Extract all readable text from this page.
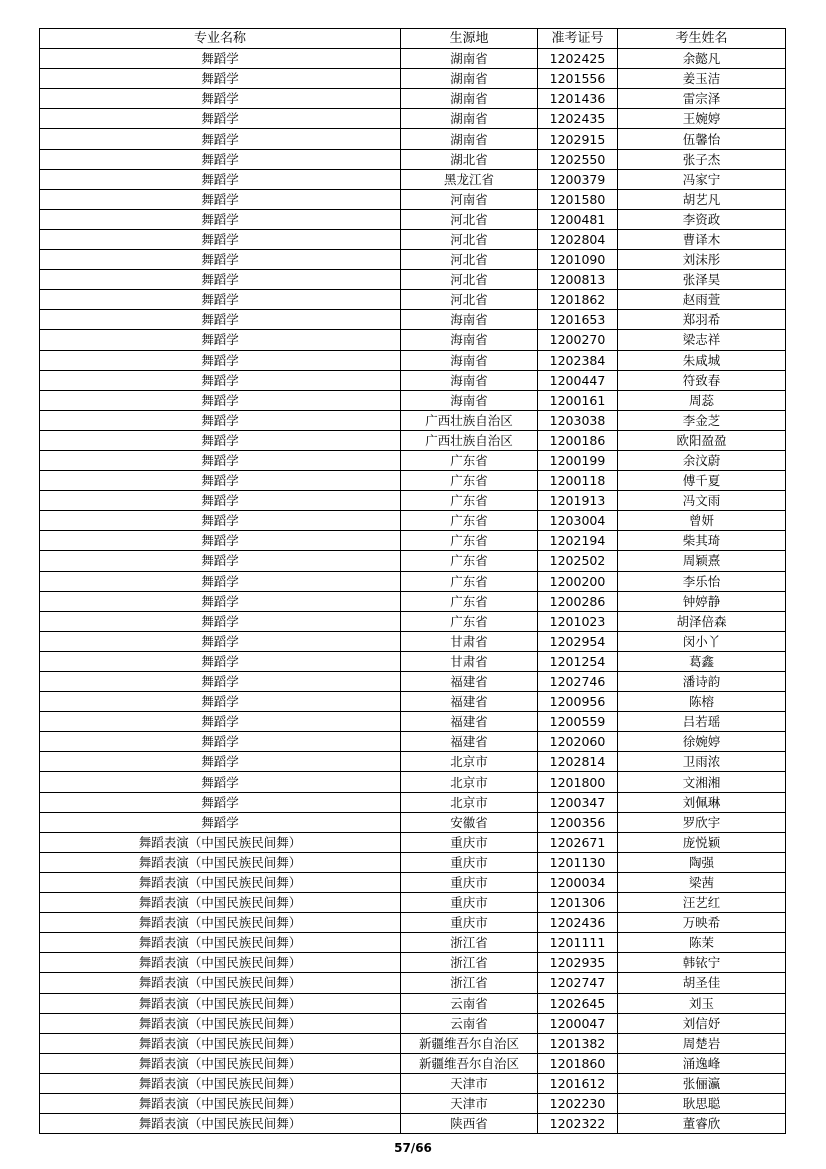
专业名称	生源地	准考证号	考生姓名
舞蹈学	湖南省	1202425	余懿凡
舞蹈学	湖南省	1201556	姜玉洁
舞蹈学	湖南省	1201436	雷宗泽
舞蹈学	湖南省	1202435	王婉婷
舞蹈学	湖南省	1202915	伍馨怡
舞蹈学	湖北省	1202550	张子杰
舞蹈学	黑龙江省	1200379	冯家宁
舞蹈学	河南省	1201580	胡艺凡
舞蹈学	河北省	1200481	李资政
舞蹈学	河北省	1202804	曹译木
舞蹈学	河北省	1201090	刘沫彤
舞蹈学	河北省	1200813	张泽昊
舞蹈学	河北省	1201862	赵雨萱
舞蹈学	海南省	1201653	郑羽希
舞蹈学	海南省	1200270	梁志祥
舞蹈学	海南省	1202384	朱咸城
舞蹈学	海南省	1200447	符致春
舞蹈学	海南省	1200161	周蕊
舞蹈学	广西壮族自治区	1203038	李金芝
舞蹈学	广西壮族自治区	1200186	欧阳盈盈
舞蹈学	广东省	1200199	余汶蔚
舞蹈学	广东省	1200118	傅千夏
舞蹈学	广东省	1201913	冯文雨
舞蹈学	广东省	1203004	曾妍
舞蹈学	广东省	1202194	柴其琦
舞蹈学	广东省	1202502	周颖熹
舞蹈学	广东省	1200200	李乐怡
舞蹈学	广东省	1200286	钟婷静
舞蹈学	广东省	1201023	胡泽倍森
舞蹈学	甘肃省	1202954	闵小丫
舞蹈学	甘肃省	1201254	葛鑫
舞蹈学	福建省	1202746	潘诗韵
舞蹈学	福建省	1200956	陈榕
舞蹈学	福建省	1200559	吕若瑶
舞蹈学	福建省	1202060	徐婉婷
舞蹈学	北京市	1202814	卫雨浓
舞蹈学	北京市	1201800	文湘湘
舞蹈学	北京市	1200347	刘佩琳
舞蹈学	安徽省	1200356	罗欣宇
舞蹈表演（中国民族民间舞）	重庆市	1202671	庞悦颖
舞蹈表演（中国民族民间舞）	重庆市	1201130	陶强
舞蹈表演（中国民族民间舞）	重庆市	1200034	梁茜
舞蹈表演（中国民族民间舞）	重庆市	1201306	汪艺红
舞蹈表演（中国民族民间舞）	重庆市	1202436	万映希
舞蹈表演（中国民族民间舞）	浙江省	1201111	陈茉
舞蹈表演（中国民族民间舞）	浙江省	1202935	韩铱宁
舞蹈表演（中国民族民间舞）	浙江省	1202747	胡圣佳
舞蹈表演（中国民族民间舞）	云南省	1202645	刘玉
舞蹈表演（中国民族民间舞）	云南省	1200047	刘信妤
舞蹈表演（中国民族民间舞）	新疆维吾尔自治区	1201382	周楚岩
舞蹈表演（中国民族民间舞）	新疆维吾尔自治区	1201860	涌逸峰
舞蹈表演（中国民族民间舞）	天津市	1201612	张俪瀛
舞蹈表演（中国民族民间舞）	天津市	1202230	耿思聪
舞蹈表演（中国民族民间舞）	陕西省	1202322	董睿欣
57/66
